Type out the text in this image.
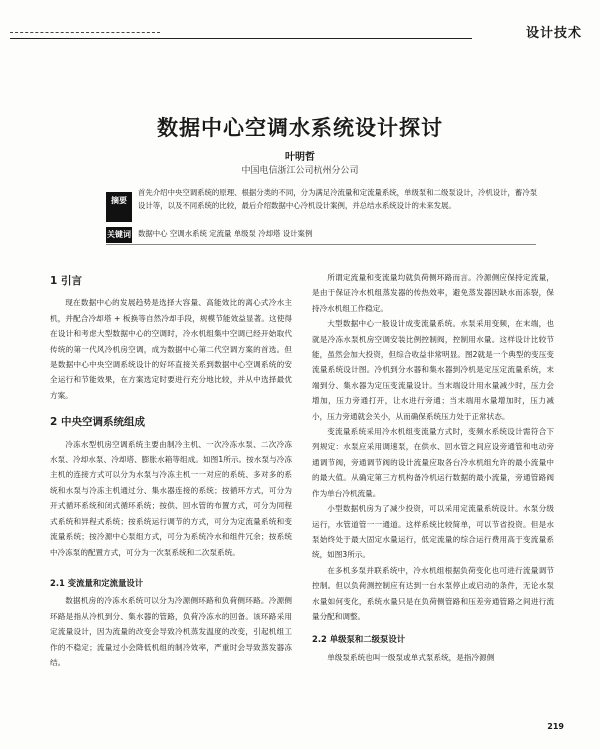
设计技术
数据中心空调水系统设计探讨
叶明哲
中国电信浙江公司杭州分公司
摘要
首先介绍中央空调系统的原理、根据分类的不同，分为满足冷流量和定流量系统，单级泵和二级泵设计，冷机设计，蓄冷泵设计等，以及不同系统的比较，最后介绍数据中心冷机设计案例，并总结水系统设计的未来发展。
关键词 数据中心 空调水系统 定流量 单级泵 冷却塔 设计案例
1 引言

现在数据中心的发展趋势是选择大容量、高能效比的离心式冷水主机，并配合冷却塔 + 板换等自然冷却手段，规模节能效益显著。这使得在设计和考虑大型数据中心的空调时，冷水机组集中空调已经开始取代传统的第一代风冷机房空调，成为数据中心第二代空调方案的首选。但是数据中心中央空调系统设计的好坏直接关系到数据中心空调系统的安全运行和节能效果，在方案选定时要进行充分地比较，并从中选择最优方案。

2 中央空调系统组成

冷冻水型机房空调系统主要由制冷主机、一次冷冻水泵、二次冷冻水泵、冷却水泵、冷却塔、膨胀水箱等组成。如图1所示。按水泵与冷冻主机的连接方式可以分为水泵与冷冻主机一一对应的系统、多对多的系统和水泵与冷冻主机通过分、集水器连接的系统；按循环方式，可分为开式循环系统和闭式循环系统；按供、回水管的布置方式，可分为同程式系统和异程式系统；按系统运行调节的方式，可分为定流量系统和变流量系统；按冷源中心泵组方式，可分为系统冷水和组件冗余；按系统中冷冻泵的配置方式，可分为一次泵系统和二次泵系统。

2.1 变流量和定流量设计

数据机房的冷冻水系统可以分为冷源侧环路和负荷侧环路。冷源侧环路是指从冷机到分、集水器的管路，负荷冷冻水的回备。该环路采用定流量设计，因为流量的改变会导致冷机蒸发温度的改变，引起机组工作的不稳定；流量过小会降低机组的制冷效率，严重时会导致蒸发器冻结。

所谓定流量和变流量均就负荷侧环路而言。冷源侧应保持定流量，是由于保证冷水机组蒸发器的传热效率，避免蒸发器因缺水而冻裂，保持冷水机组工作稳定。

大型数据中心一般设计成变流量系统。水泵采用变频，在末端，也就是冷冻水泵机房空调安装比例控制阀，控制用水量。这样设计比较节能，虽然会加大投资，但综合收益非常明显。图2就是一个典型的变压变流量系统设计图。冷机到分水器和集水器到冷机是定压定流量系统，末端到分、集水器为定压变流量设计。当末端设计用水量减少时，压力会增加，压力旁通打开，让水进行旁通；当末端用水量增加时，压力减小，压力旁通就会关小，从而确保系统压力处于正常状态。

变流量系统采用冷水机组变流量方式时，变频水系统设计需符合下列规定：水泵应采用调速泵，在供水、回水管之间应设旁通管和电动旁通调节阀，旁通调节阀的设计流量应取各台冷水机组允许的最小流量中的最大值。从确定第三方机构备冷机运行数据的最小流量，旁通管路阀作为单台冷机流量。

小型数据机房为了减少投资，可以采用定流量系统设计。水泵分级运行，水管道管一一通道。这样系统比较简单，可以节省投资。但是水泵始终处于最大固定水量运行，低定流量的综合运行费用高于变流量系统，如图3所示。

在多机多泵并联系统中，冷水机组根据负荷变化也可进行流量调节控制。但以负荷测控制应有达到一台水泵停止或启动的条件，无论水泵水量如何变化，系统水量只是在负荷侧管路和压差旁通管路之间进行流量分配和调整。

2.2 单级泵和二级泵设计

单级泵系统也叫一级泵或单式泵系统，是指冷源侧

219
